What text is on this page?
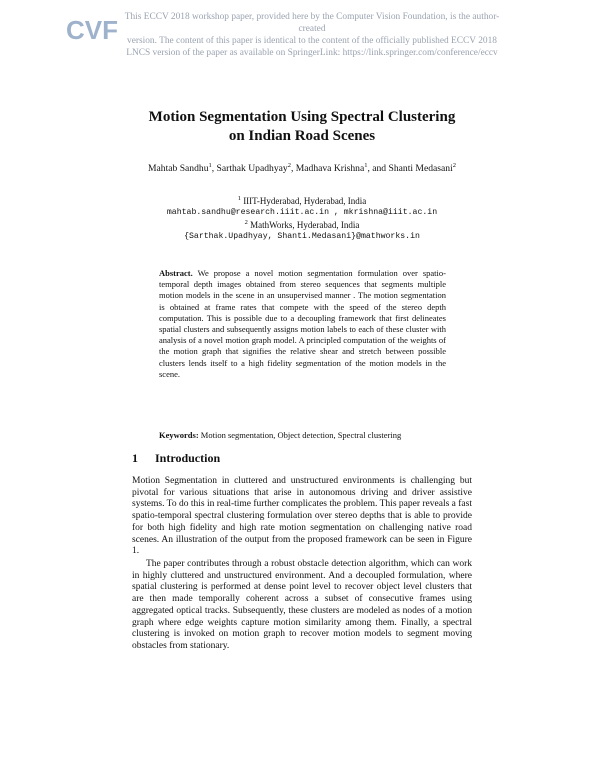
CVF This ECCV 2018 workshop paper, provided here by the Computer Vision Foundation, is the author-created
version. The content of this paper is identical to the content of the officially published ECCV 2018
LNCS version of the paper as available on SpringerLink: https://link.springer.com/conference/eccv
Motion Segmentation Using Spectral Clustering
on Indian Road Scenes
Mahtab Sandhu$^1$, Sarthak Upadhyay$^2$, Madhava Krishna$^1$, and Shanti Medasani$^2$
$^1$ IIIT-Hyderabad, Hyderabad, India
mahtab.sandhu@research.iiit.ac.in , mkrishna@iiit.ac.in
$^2$ MathWorks, Hyderabad, India
{Sarthak.Upadhyay, Shanti.Medasani}@mathworks.in
Abstract. We propose a novel motion segmentation formulation over spatio-temporal depth images obtained from stereo sequences that segments multiple motion models in the scene in an unsupervised manner . The motion segmentation is obtained at frame rates that compete with the speed of the stereo depth computation. This is possible due to a decoupling framework that first delineates spatial clusters and subsequently assigns motion labels to each of these cluster with analysis of a novel motion graph model. A principled computation of the weights of the motion graph that signifies the relative shear and stretch between possible clusters lends itself to a high fidelity segmentation of the motion models in the scene.
Keywords: Motion segmentation, Object detection, Spectral clustering
1 Introduction

Motion Segmentation in cluttered and unstructured environments is challenging but pivotal for various situations that arise in autonomous driving and driver assistive systems. To do this in real-time further complicates the problem. This paper reveals a fast spatio-temporal spectral clustering formulation over stereo depths that is able to provide for both high fidelity and high rate motion segmentation on challenging native road scenes. An illustration of the output from the proposed framework can be seen in Figure 1.

The paper contributes through a robust obstacle detection algorithm, which can work in highly cluttered and unstructured environment. And a decoupled formulation, where spatial clustering is performed at dense point level to recover object level clusters that are then made temporally coherent across a subset of consecutive frames using aggregated optical tracks. Subsequently, these clusters are modeled as nodes of a motion graph where edge weights capture motion similarity among them. Finally, a spectral clustering is invoked on motion graph to recover motion models to segment moving obstacles from stationary.
